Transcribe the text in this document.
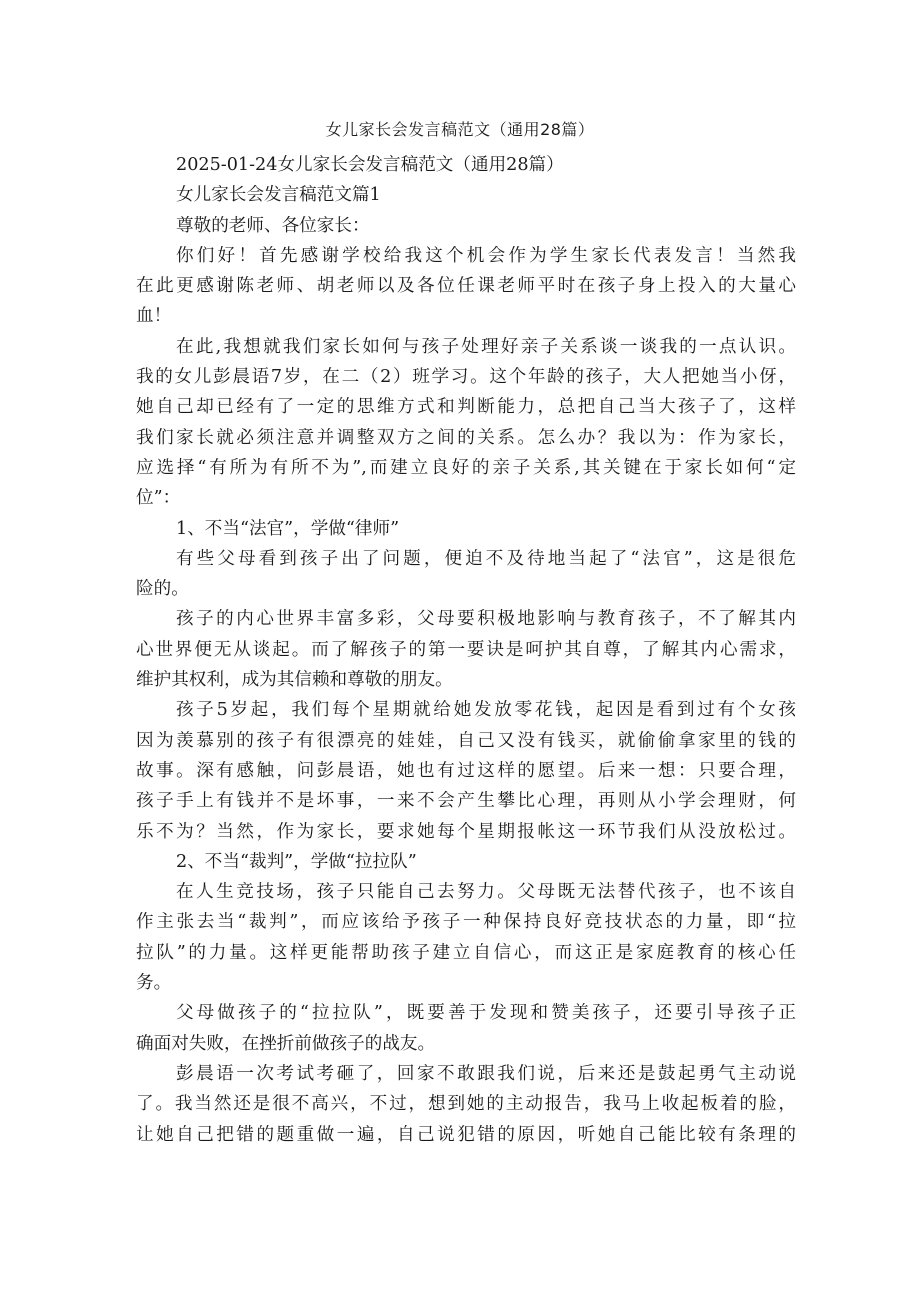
女儿家长会发言稿范文（通用28篇）
2025-01-24女儿家长会发言稿范文（通用28篇）
女儿家长会发言稿范文篇1
尊敬的老师、各位家长：
你们好！首先感谢学校给我这个机会作为学生家长代表发言！当然我
在此更感谢陈老师、胡老师以及各位任课老师平时在孩子身上投入的大量心
血！
在此,我想就我们家长如何与孩子处理好亲子关系谈一谈我的一点认识。
我的女儿彭晨语7岁，在二（2）班学习。这个年龄的孩子，大人把她当小伢，
她自己却已经有了一定的思维方式和判断能力，总把自己当大孩子了，这样
我们家长就必须注意并调整双方之间的关系。怎么办？我以为：作为家长，
应选择“有所为有所不为”,而建立良好的亲子关系,其关键在于家长如何“定
位”：
1、不当“法官”，学做“律师”
有些父母看到孩子出了问题，便迫不及待地当起了“法官”，这是很危
险的。
孩子的内心世界丰富多彩，父母要积极地影响与教育孩子，不了解其内
心世界便无从谈起。而了解孩子的第一要诀是呵护其自尊，了解其内心需求，
维护其权利，成为其信赖和尊敬的朋友。
孩子5岁起，我们每个星期就给她发放零花钱，起因是看到过有个女孩
因为羡慕别的孩子有很漂亮的娃娃，自己又没有钱买，就偷偷拿家里的钱的
故事。深有感触，问彭晨语，她也有过这样的愿望。后来一想：只要合理，
孩子手上有钱并不是坏事，一来不会产生攀比心理，再则从小学会理财，何
乐不为？当然，作为家长，要求她每个星期报帐这一环节我们从没放松过。
2、不当“裁判”，学做“拉拉队”
在人生竞技场，孩子只能自己去努力。父母既无法替代孩子，也不该自
作主张去当“裁判”，而应该给予孩子一种保持良好竞技状态的力量，即“拉
拉队”的力量。这样更能帮助孩子建立自信心，而这正是家庭教育的核心任
务。
父母做孩子的“拉拉队”，既要善于发现和赞美孩子，还要引导孩子正
确面对失败，在挫折前做孩子的战友。
彭晨语一次考试考砸了，回家不敢跟我们说，后来还是鼓起勇气主动说
了。我当然还是很不高兴，不过，想到她的主动报告，我马上收起板着的脸，
让她自己把错的题重做一遍，自己说犯错的原因，听她自己能比较有条理的
